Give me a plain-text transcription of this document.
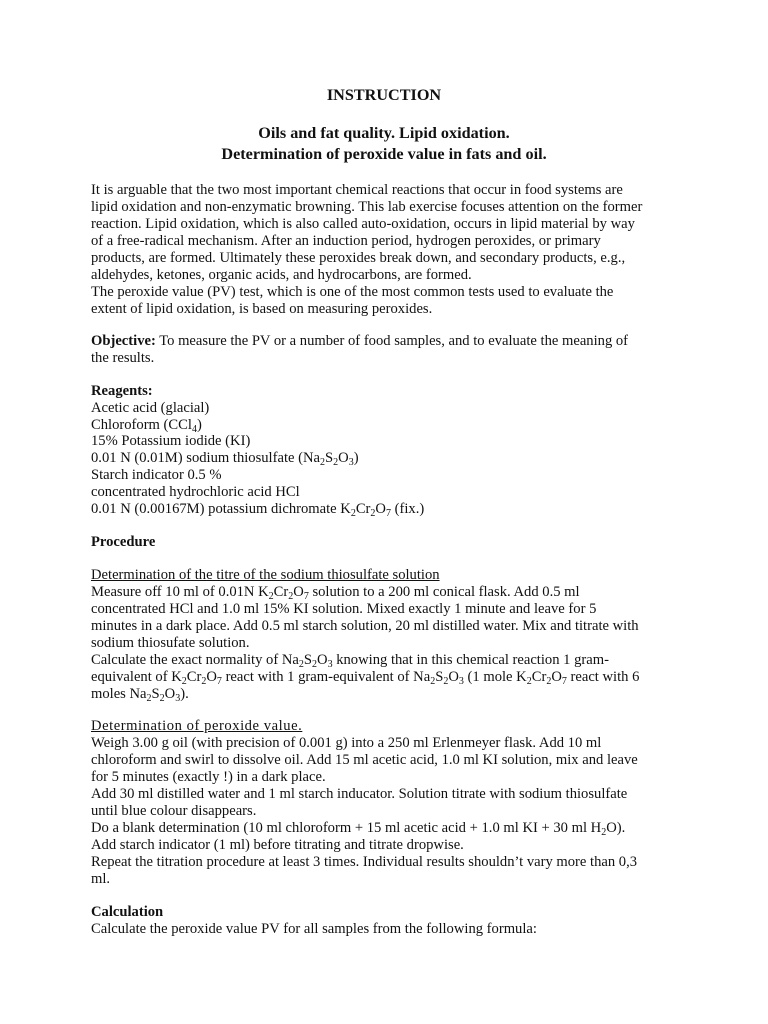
INSTRUCTION
Oils and fat quality. Lipid oxidation.
Determination of peroxide value in fats and oil.
It is arguable that the two most important chemical reactions that occur in food systems are
lipid oxidation and non-enzymatic browning. This lab exercise focuses attention on the former
reaction. Lipid oxidation, which is also called auto-oxidation, occurs in lipid material by way
of a free-radical mechanism. After an induction period, hydrogen peroxides, or primary
products, are formed. Ultimately these peroxides break down, and secondary products, e.g.,
aldehydes, ketones, organic acids, and hydrocarbons, are formed.
The peroxide value (PV) test, which is one of the most common tests used to evaluate the
extent of lipid oxidation, is based on measuring peroxides.
Objective: To measure the PV or a number of food samples, and to evaluate the meaning of
the results.
Reagents:
Acetic acid (glacial)
Chloroform (CCl$_4$)
15% Potassium iodide (KI)
0.01 N (0.01M) sodium thiosulfate $(Na_2S_2O_3)$
Starch indicator 0.5 %
concentrated hydrochloric acid HCl
0.01 N (0.00167M) potassium dichromate $K_2Cr_2O_7$ (fix.)
Procedure
Determination of the titre of the sodium thiosulfate solution
Measure off 10 ml of 0.01N $K_2Cr_2O_7$ solution to a 200 ml conical flask. Add 0.5 ml
concentrated HCl and 1.0 ml 15% KI solution. Mixed exactly 1 minute and leave for 5
minutes in a dark place. Add 0.5 ml starch solution, 20 ml distilled water. Mix and titrate with
sodium thiosufate solution.
Calculate the exact normality of $Na_2S_2O_3$ knowing that in this chemical reaction 1 gram-
equivalent of $K_2Cr_2O_7$ react with 1 gram-equivalent of $Na_2S_2O_3$ (1 mole $K_2Cr_2O_7$ react with 6
moles $Na_2S_2O_3$).
Determination of peroxide value.
Weigh 3.00 g oil (with precision of 0.001 g) into a 250 ml Erlenmeyer flask. Add 10 ml
chloroform and swirl to dissolve oil. Add 15 ml acetic acid, 1.0 ml KI solution, mix and leave
for 5 minutes (exactly !) in a dark place.
Add 30 ml distilled water and 1 ml starch inducator. Solution titrate with sodium thiosulfate
until blue colour disappears.
Do a blank determination (10 ml chloroform + 15 ml acetic acid + 1.0 ml KI + 30 ml $H_2O$).
Add starch indicator (1 ml) before titrating and titrate dropwise.
Repeat the titration procedure at least 3 times. Individual results shouldn’t vary more than 0,3
ml.
Calculation
Calculate the peroxide value PV for all samples from the following formula:
